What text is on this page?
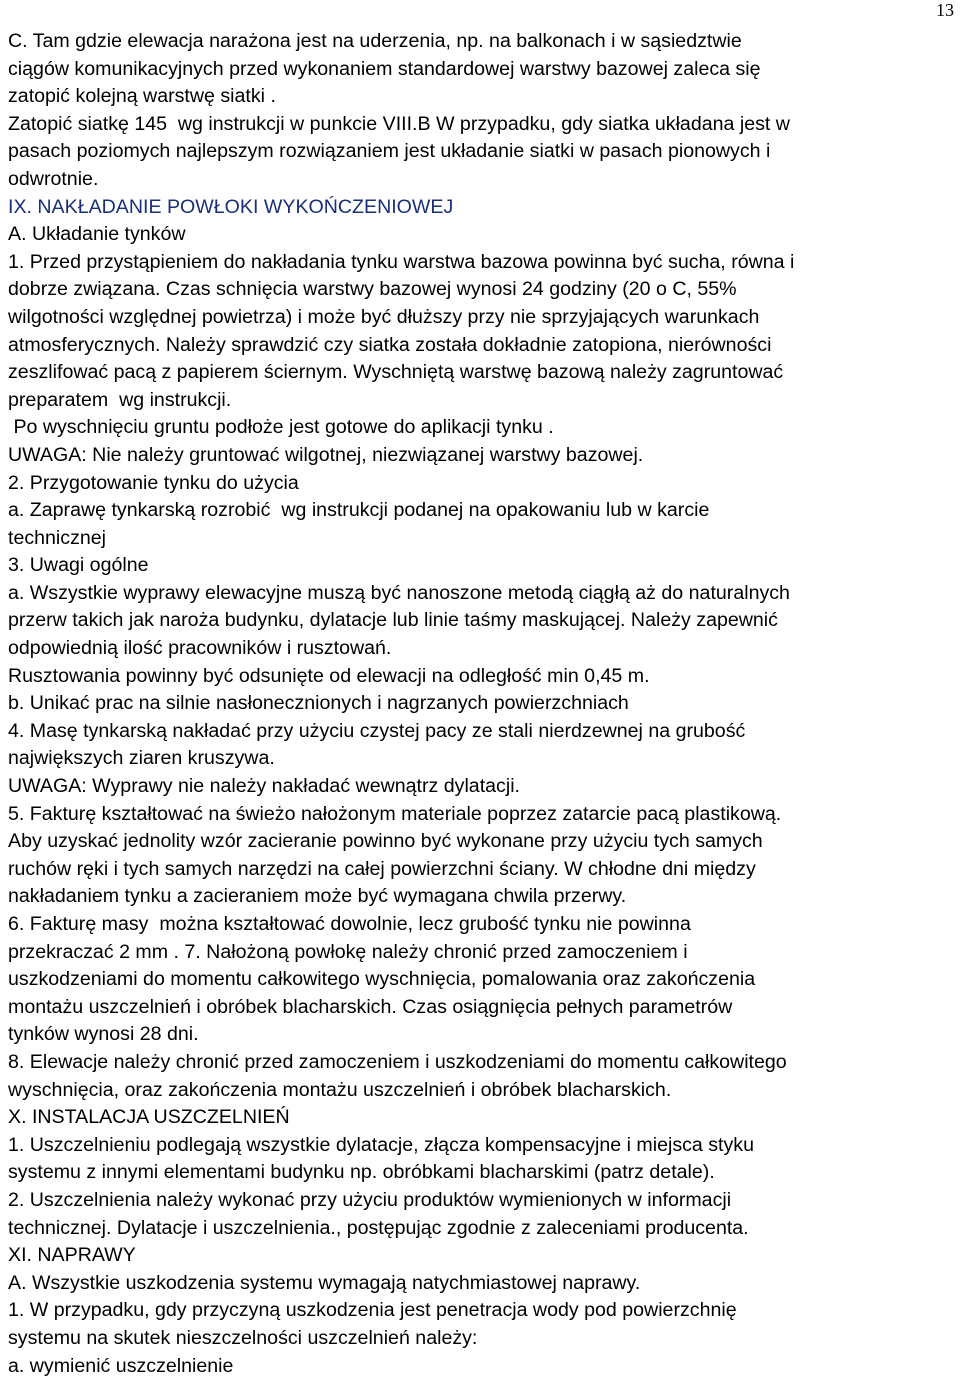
13
C. Tam gdzie elewacja narażona jest na uderzenia, np. na balkonach i w sąsiedztwie
ciągów komunikacyjnych przed wykonaniem standardowej warstwy bazowej zaleca się
zatopić kolejną warstwę siatki .
Zatopić siatkę 145  wg instrukcji w punkcie VIII.B W przypadku, gdy siatka układana jest w
pasach poziomych najlepszym rozwiązaniem jest układanie siatki w pasach pionowych i
odwrotnie.
IX. NAKŁADANIE POWŁOKI WYKOŃCZENIOWEJ
A. Układanie tynków
1. Przed przystąpieniem do nakładania tynku warstwa bazowa powinna być sucha, równa i
dobrze związana. Czas schnięcia warstwy bazowej wynosi 24 godziny (20 o C, 55%
wilgotności względnej powietrza) i może być dłuższy przy nie sprzyjających warunkach
atmosferycznych. Należy sprawdzić czy siatka została dokładnie zatopiona, nierówności
zeszlifować pacą z papierem ściernym. Wyschniętą warstwę bazową należy zagruntować
preparatem  wg instrukcji.
Po wyschnięciu gruntu podłoże jest gotowe do aplikacji tynku .
UWAGA: Nie należy gruntować wilgotnej, niezwiązanej warstwy bazowej.
2. Przygotowanie tynku do użycia
a. Zaprawę tynkarską rozrobić  wg instrukcji podanej na opakowaniu lub w karcie
technicznej
3. Uwagi ogólne
a. Wszystkie wyprawy elewacyjne muszą być nanoszone metodą ciągłą aż do naturalnych
przerw takich jak naroża budynku, dylatacje lub linie taśmy maskującej. Należy zapewnić
odpowiednią ilość pracowników i rusztowań.
Rusztowania powinny być odsunięte od elewacji na odległość min 0,45 m.
b. Unikać prac na silnie nasłonecznionych i nagrzanych powierzchniach
4. Masę tynkarską nakładać przy użyciu czystej pacy ze stali nierdzewnej na grubość
największych ziaren kruszywa.
UWAGA: Wyprawy nie należy nakładać wewnątrz dylatacji.
5. Fakturę kształtować na świeżo nałożonym materiale poprzez zatarcie pacą plastikową.
Aby uzyskać jednolity wzór zacieranie powinno być wykonane przy użyciu tych samych
ruchów ręki i tych samych narzędzi na całej powierzchni ściany. W chłodne dni między
nakładaniem tynku a zacieraniem może być wymagana chwila przerwy.
6. Fakturę masy  można kształtować dowolnie, lecz grubość tynku nie powinna
przekraczać 2 mm . 7. Nałożoną powłokę należy chronić przed zamoczeniem i
uszkodzeniami do momentu całkowitego wyschnięcia, pomalowania oraz zakończenia
montażu uszczelnień i obróbek blacharskich. Czas osiągnięcia pełnych parametrów
tynków wynosi 28 dni.
8. Elewacje należy chronić przed zamoczeniem i uszkodzeniami do momentu całkowitego
wyschnięcia, oraz zakończenia montażu uszczelnień i obróbek blacharskich.
X. INSTALACJA USZCZELNIEŃ
1. Uszczelnieniu podlegają wszystkie dylatacje, złącza kompensacyjne i miejsca styku
systemu z innymi elementami budynku np. obróbkami blacharskimi (patrz detale).
2. Uszczelnienia należy wykonać przy użyciu produktów wymienionych w informacji
technicznej. Dylatacje i uszczelnienia., postępując zgodnie z zaleceniami producenta.
XI. NAPRAWY
A. Wszystkie uszkodzenia systemu wymagają natychmiastowej naprawy.
1. W przypadku, gdy przyczyną uszkodzenia jest penetracja wody pod powierzchnię
systemu na skutek nieszczelności uszczelnień należy:
a. wymienić uszczelnienie
